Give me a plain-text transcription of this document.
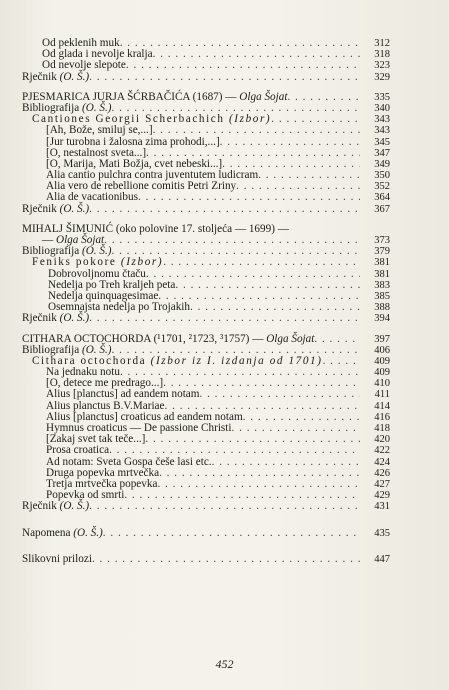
Od peklenih muk . . .	312
Od glada i nevolje kralja . . .	318
Od nevolje slepote . . .	323
Rječnik (O. Š.) . . .	329
PJESMARICA JURJA ŠĆRBAČIĆA (1687) — Olga Šojat . . .	335
Bibliografija (O. Š.) . . .	340
Cantiones Georgii Scherbachich (Izbor) . . .	343
[Ah, Bože, smiluj se,...] . . .	343
[Jur turobna i žalosna zima prohodi,...] . . .	345
[O, nestalnost sveta...] . . .	347
[O, Marija, Mati Božja, cvet nebeski...] . . .	349
Alia cantio pulchra contra juventutem ludicram . . .	350
Alia vero de rebellione comitis Petri Zriny . . .	352
Alia de vacationibus . . .	364
Rječnik (O. Š.) . . .	367
MIHALJ ŠIMUNIĆ (oko polovine 17. stoljeća — 1699) —
— Olga Šojat . . .	373
Bibliografija (O. Š.) . . .	379
Feniks pokore (Izbor) . . .	381
Dobrovoljnomu čtaču . . .	381
Nedelja po Treh kraljeh peta . . .	383
Nedelja quinquagesimae . . .	385
Osemnajsta nedelja po Trojakih . . .	388
Rječnik (O. Š.) . . .	394
CITHARA OCTOCHORDA (¹1701, ²1723, ³1757) — Olga Šojat . . .	397
Bibliografija (O. Š.) . . .	406
Cithara octochorda (Izbor iz I. izdanja od 1701) . . .	409
Na jednaku notu . . .	409
[O, detece me predrago...] . . .	410
Alius [planctus] ad eandem notam . . .	411
Alius planctus B.V.Mariae . . .	414
Alius [planctus] croaticus ad eandem notam . . .	416
Hymnus croaticus — De passione Christi . . .	418
[Zakaj svet tak teče...] . . .	420
Prosa croatica . . .	422
Ad notam: Sveta Gospa češe lasi etc. . . .	424
Druga popevka mrtvečka . . .	426
Tretja mrtvečka popevka . . .	427
Popevka od smrti . . .	429
Rječnik (O. Š.) . . .	431
Napomena (O. Š.) . . .	435
Slikovni prilozi . . .	447
452
